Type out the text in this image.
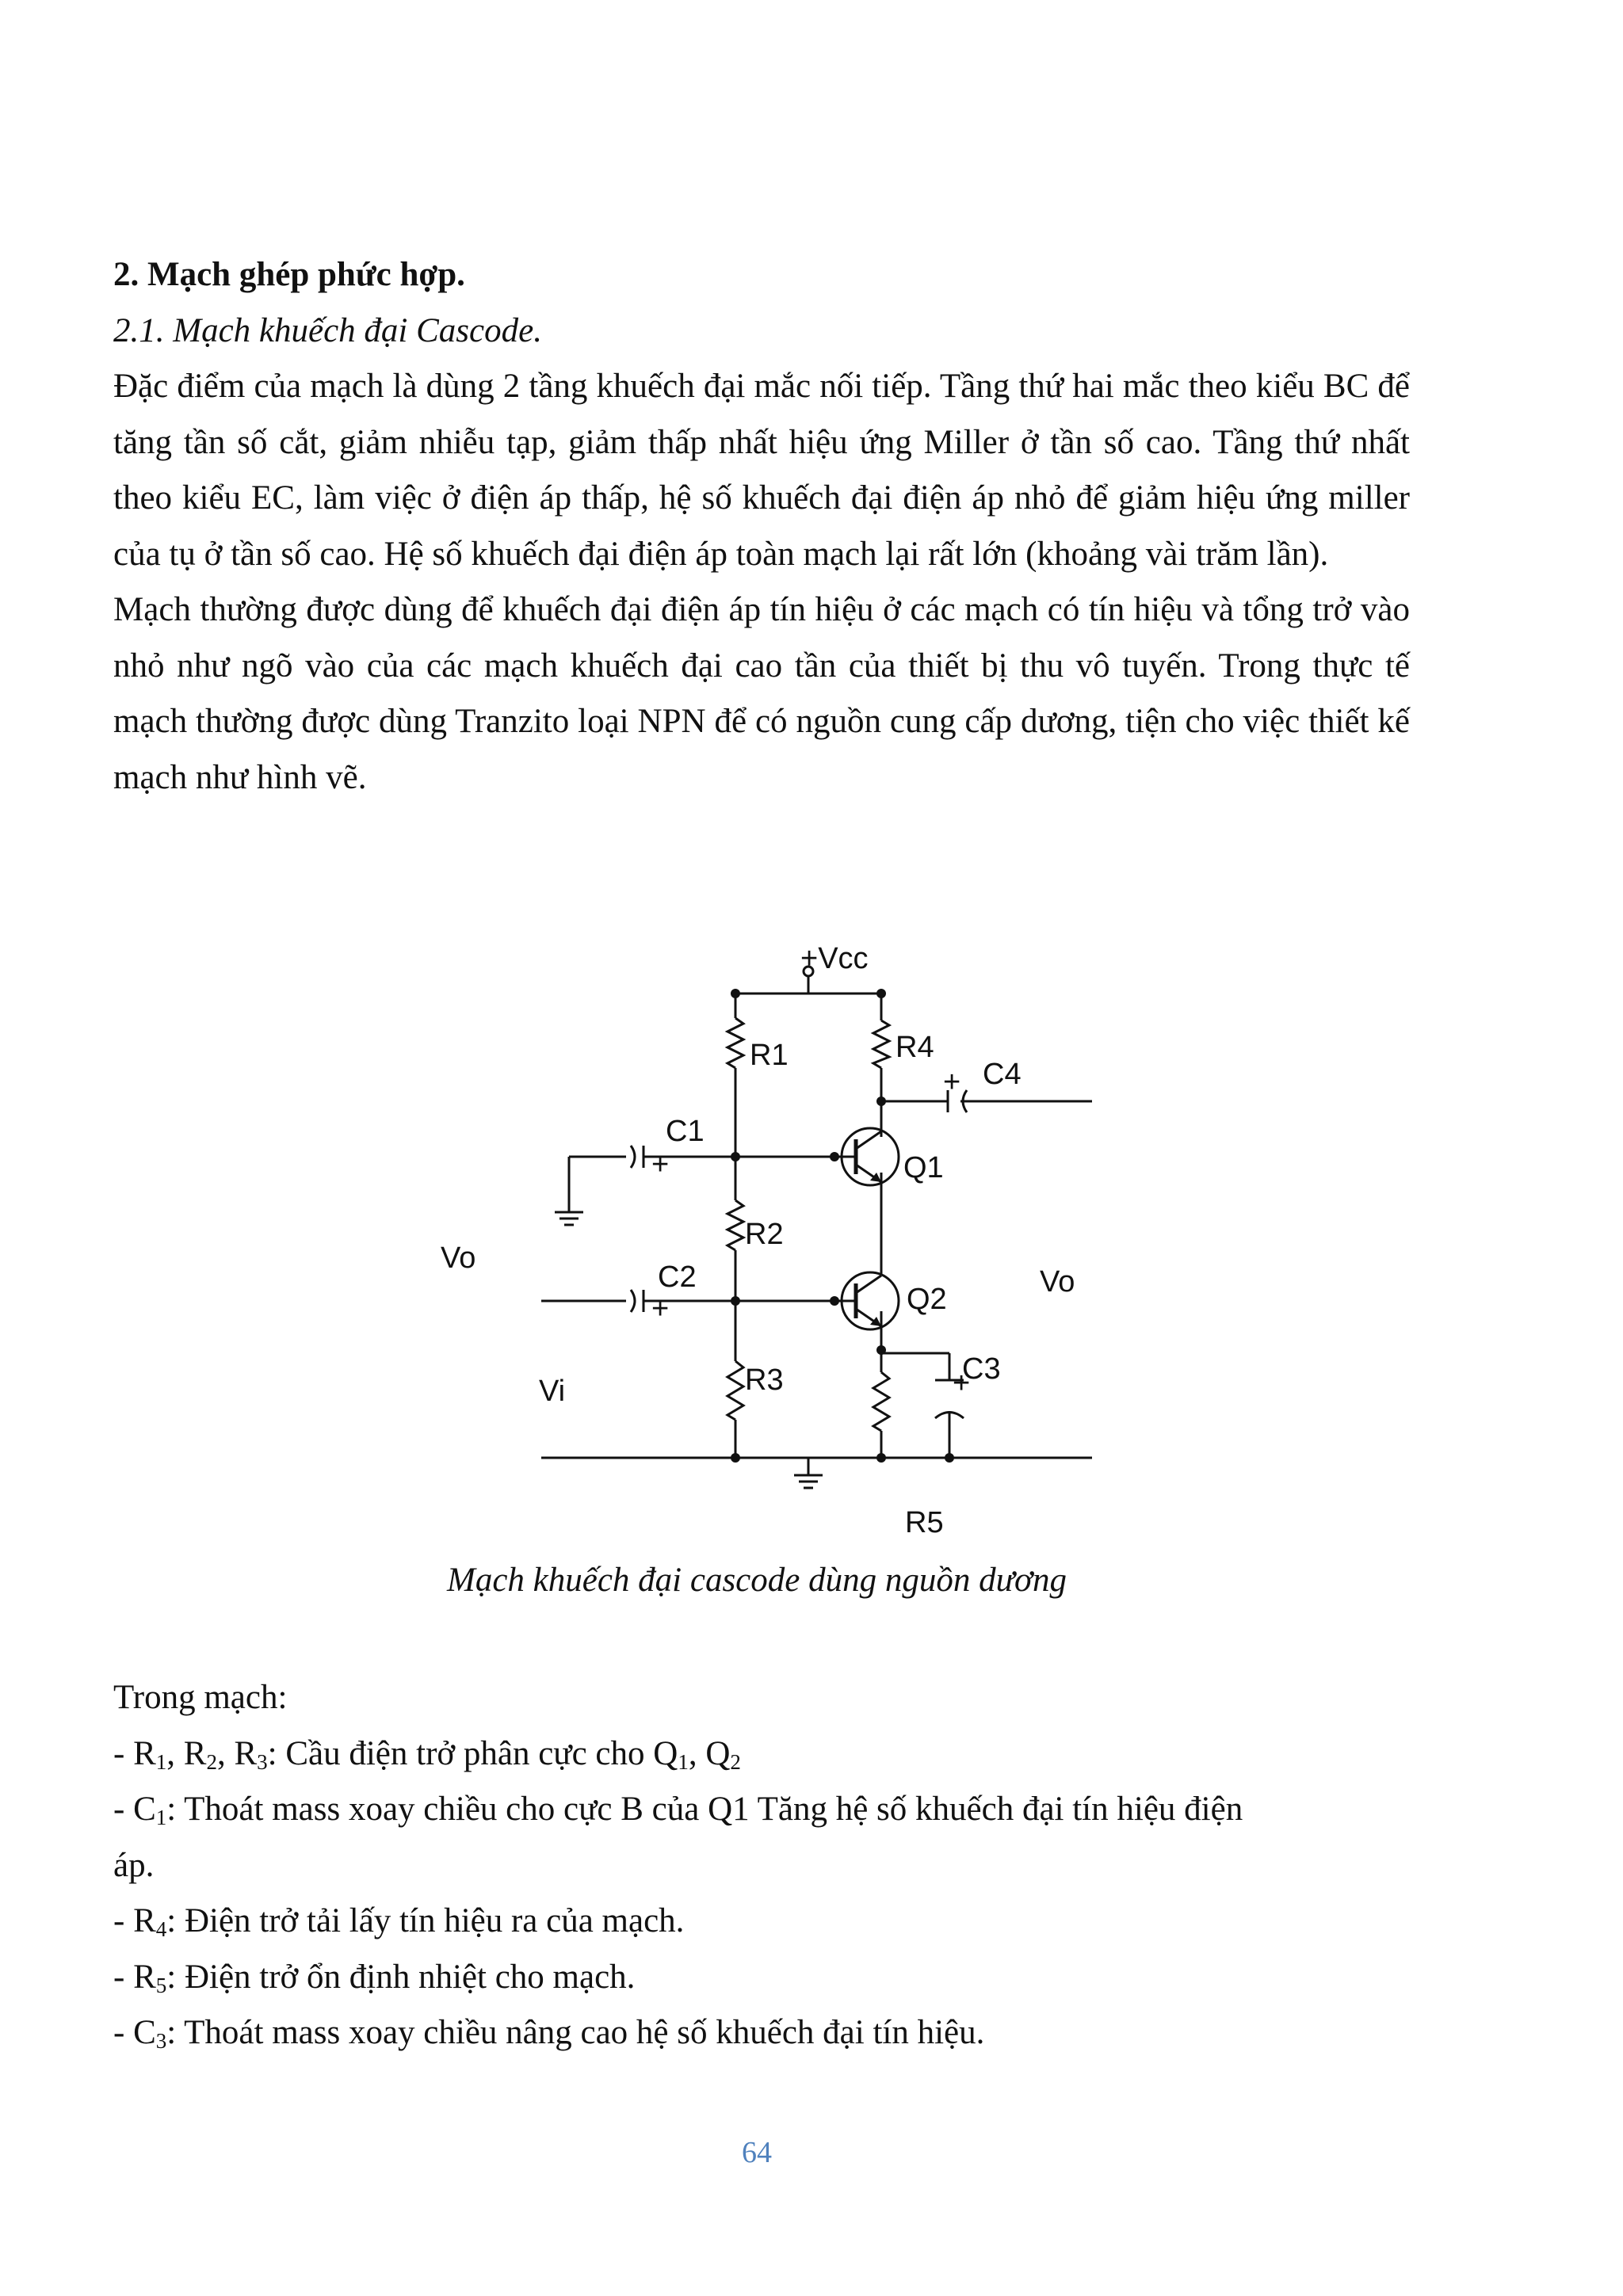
2. Mạch ghép phức hợp.
2.1. Mạch khuếch đại Cascode.

Đặc điểm của mạch là dùng 2 tầng khuếch đại mắc nối tiếp. Tầng thứ hai mắc theo kiểu BC để tăng tần số cắt, giảm nhiễu tạp, giảm thấp nhất hiệu ứng Miller ở tần số cao. Tầng thứ nhất theo kiểu EC, làm việc ở điện áp thấp, hệ số khuếch đại điện áp nhỏ để giảm hiệu ứng miller của tụ ở tần số cao. Hệ số khuếch đại điện áp toàn mạch lại rất lớn (khoảng vài trăm lần).

Mạch thường được dùng để khuếch đại điện áp tín hiệu ở các mạch có tín hiệu và tổng trở vào nhỏ như ngõ vào của các mạch khuếch đại cao tần của thiết bị thu vô tuyến. Trong thực tế mạch thường được dùng Tranzito loại NPN để có nguồn cung cấp dương, tiện cho việc thiết kế mạch như hình vẽ.

+Vcc
R1	R4
C4
+
C1
+	Q1
R2
Vo
C2
+	Q2
Vo
C3
+
R3
Vi
R5
Mạch khuếch đại cascode dùng nguồn dương
Trong mạch:
- $R_1$, $R_2$, $R_3$: Cầu điện trở phân cực cho $Q_1$, $Q_2$
- $C_1$: Thoát mass xoay chiều cho cực B của Q1 Tăng hệ số khuếch đại tín hiệu điện
áp.
- $R_4$: Điện trở tải lấy tín hiệu ra của mạch.
- $R_5$: Điện trở ổn định nhiệt cho mạch.
- $C_3$: Thoát mass xoay chiều nâng cao hệ số khuếch đại tín hiệu.
64
